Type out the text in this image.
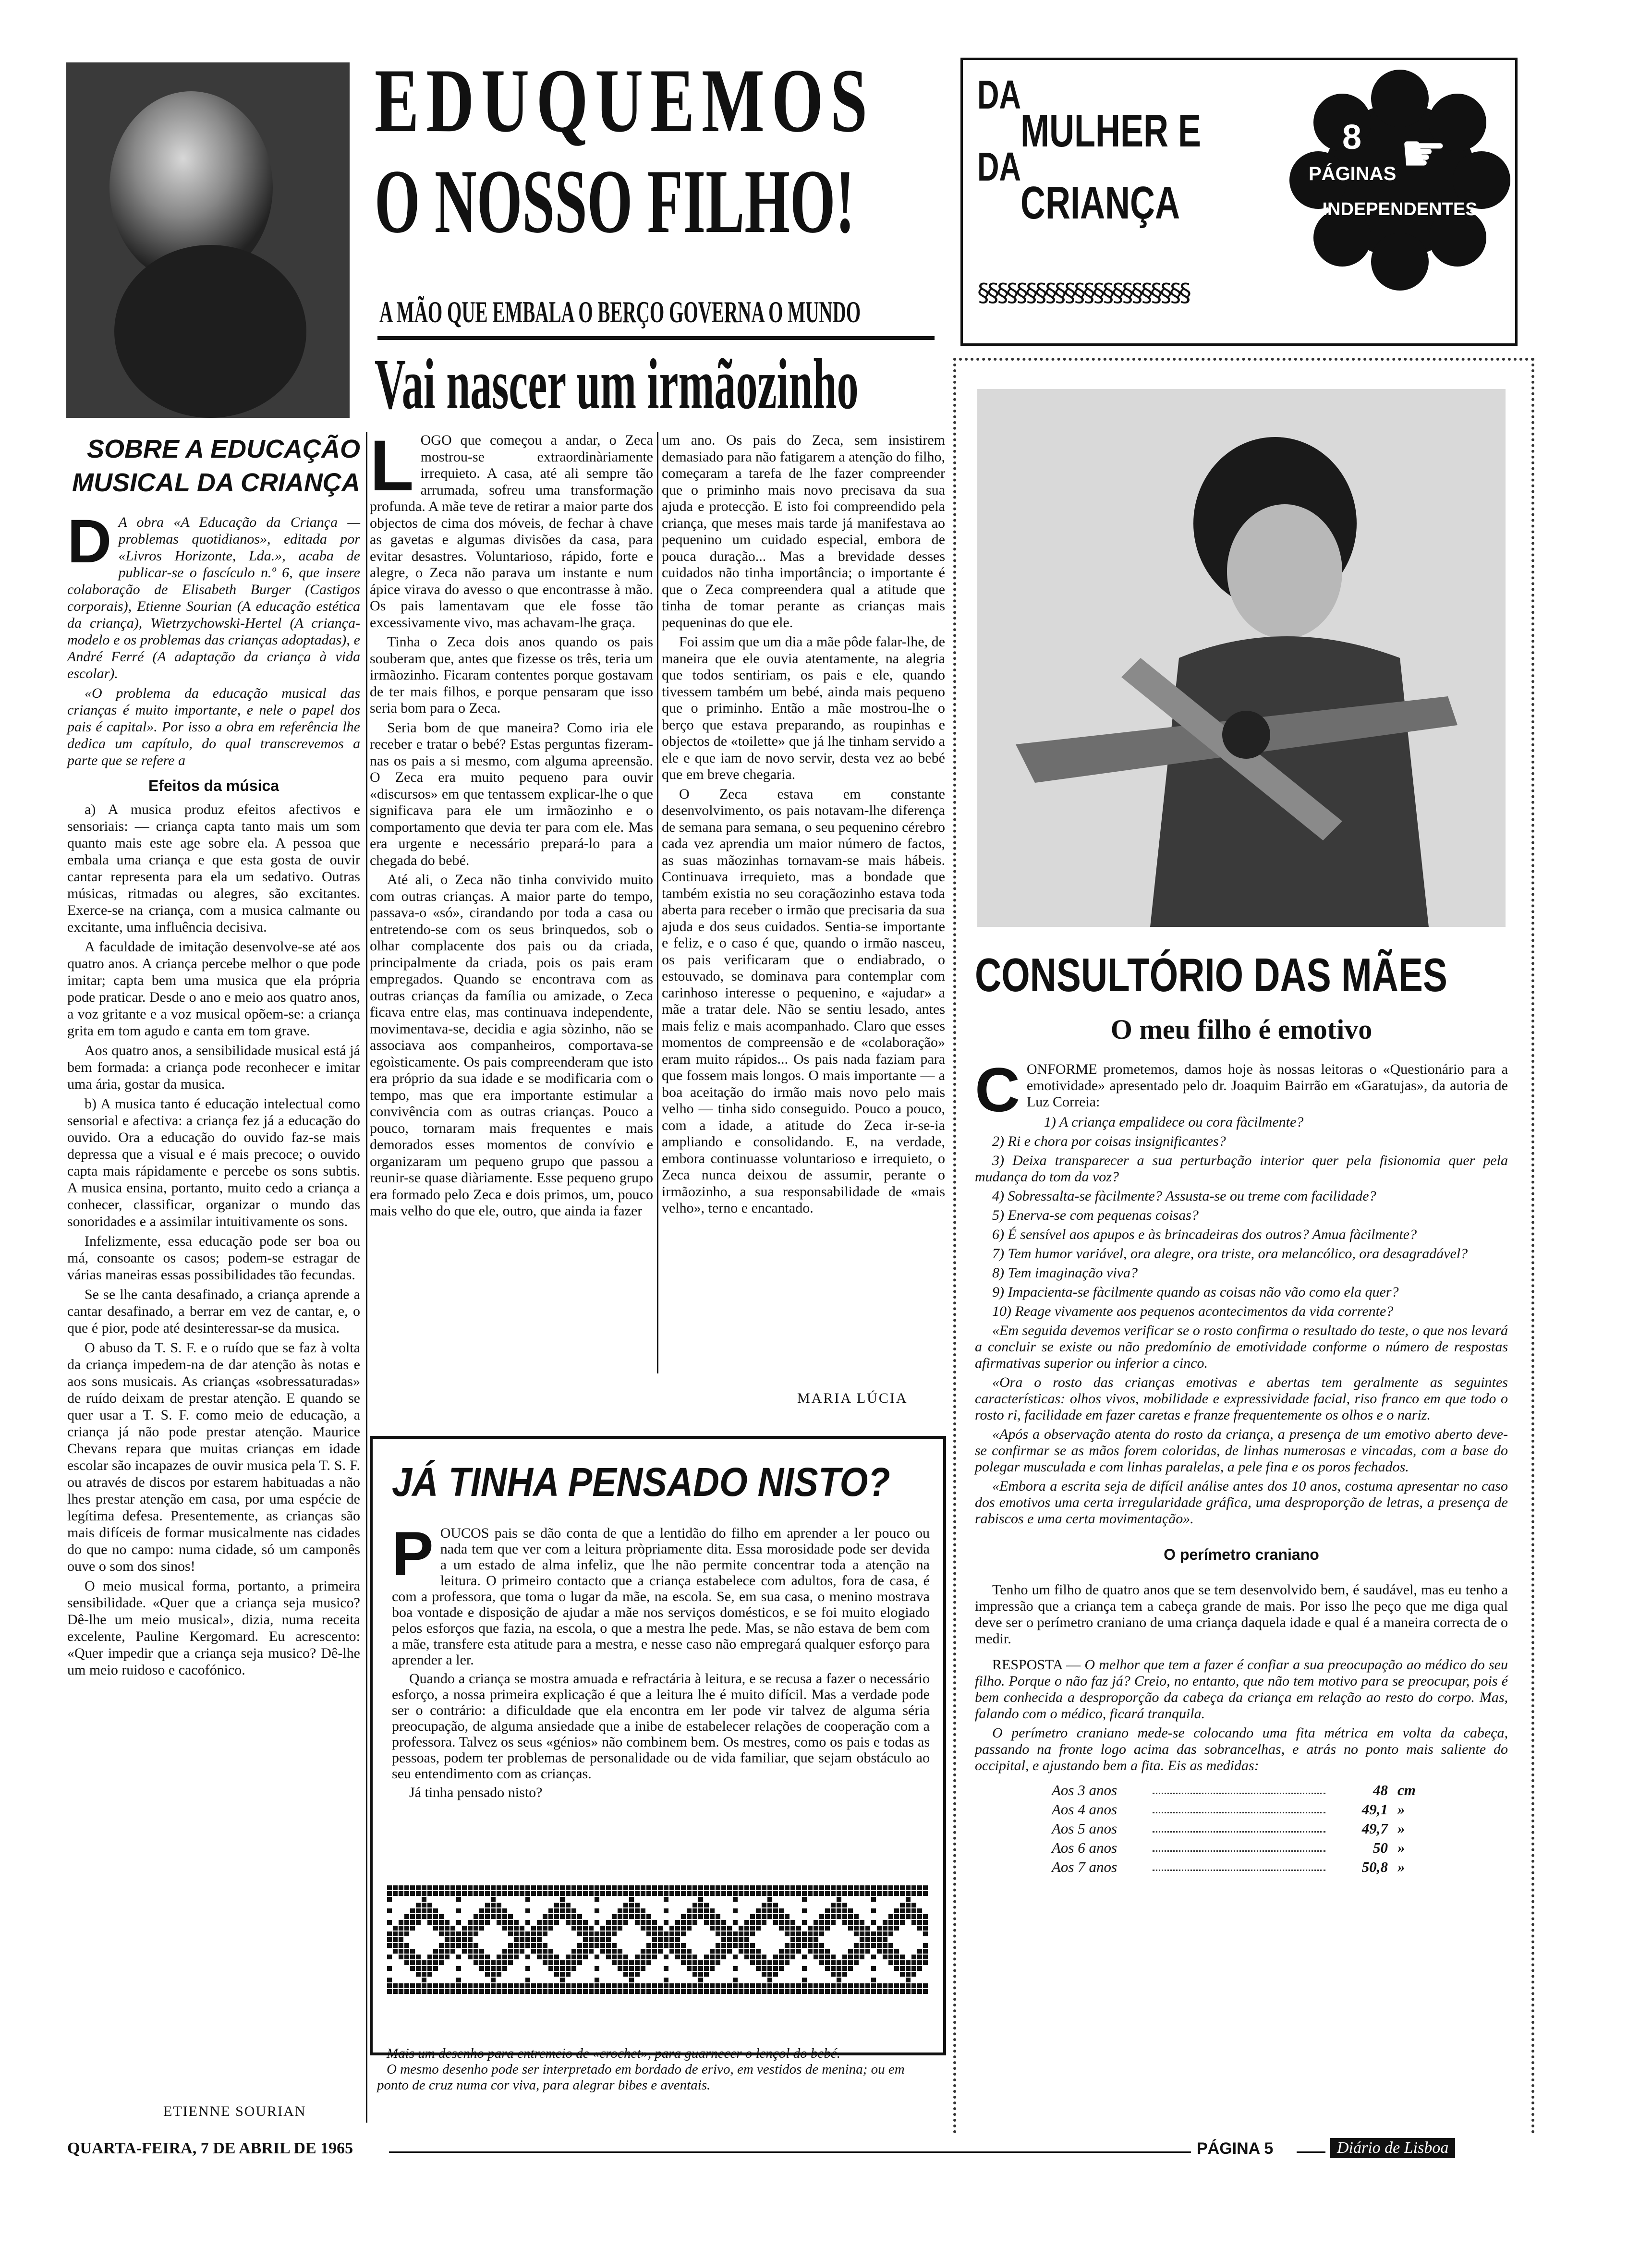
EDUQUEMOS
O NOSSO FILHO!
A MÃO QUE EMBALA O BERÇO GOVERNA O MUNDO
DA
MULHER E
DA
CRIANÇA
§§§§§§§§§§§§§§§§§§§§§§
8 ☛
PÁGINAS
INDEPENDENTES
SOBRE A EDUCAÇÃO
MUSICAL DA CRIANÇA
D A obra «A Educação da Criança — problemas quotidianos», editada por «Livros Horizonte, Lda.», acaba de publicar-se o fascículo n.º 6, que insere colaboração de Elisabeth Burger (Castigos corporais), Etienne Sourian (A educação estética da criança), Wietrzychowski-Hertel (A criança-modelo e os problemas das crianças adoptadas), e André Ferré (A adaptação da criança à vida escolar).

«O problema da educação musical das crianças é muito importante, e nele o papel dos pais é capital». Por isso a obra em referência lhe dedica um capítulo, do qual transcrevemos a parte que se refere a

Efeitos da música

a) A musica produz efeitos afectivos e sensoriais: — criança capta tanto mais um som quanto mais este age sobre ela. A pessoa que embala uma criança e que esta gosta de ouvir cantar representa para ela um sedativo. Outras músicas, ritmadas ou alegres, são excitantes. Exerce-se na criança, com a musica calmante ou excitante, uma influência decisiva.

A faculdade de imitação desenvolve-se até aos quatro anos. A criança percebe melhor o que pode imitar; capta bem uma musica que ela própria pode praticar. Desde o ano e meio aos quatro anos, a voz gritante e a voz musical opõem-se: a criança grita em tom agudo e canta em tom grave.

Aos quatro anos, a sensibilidade musical está já bem formada: a criança pode reconhecer e imitar uma ária, gostar da musica.

b) A musica tanto é educação intelectual como sensorial e afectiva: a criança fez já a educação do ouvido. Ora a educação do ouvido faz-se mais depressa que a visual e é mais precoce; o ouvido capta mais rápidamente e percebe os sons subtis. A musica ensina, portanto, muito cedo a criança a conhecer, classificar, organizar o mundo das sonoridades e a assimilar intuitivamente os sons.

Infelizmente, essa educação pode ser boa ou má, consoante os casos; podem-se estragar de várias maneiras essas possibilidades tão fecundas.

Se se lhe canta desafinado, a criança aprende a cantar desafinado, a berrar em vez de cantar, e, o que é pior, pode até desinteressar-se da musica.

O abuso da T. S. F. e o ruído que se faz à volta da criança impedem-na de dar atenção às notas e aos sons musicais. As crianças «sobressaturadas» de ruído deixam de prestar atenção. E quando se quer usar a T. S. F. como meio de educação, a criança já não pode prestar atenção. Maurice Chevans repara que muitas crianças em idade escolar são incapazes de ouvir musica pela T. S. F. ou através de discos por estarem habituadas a não lhes prestar atenção em casa, por uma espécie de legítima defesa. Presentemente, as crianças são mais difíceis de formar musicalmente nas cidades do que no campo: numa cidade, só um camponês ouve o som dos sinos!

O meio musical forma, portanto, a primeira sensibilidade. «Quer que a criança seja musico? Dê-lhe um meio musical», dizia, numa receita excelente, Pauline Kergomard. Eu acrescento: «Quer impedir que a criança seja musico? Dê-lhe um meio ruidoso e cacofónico.

ETIENNE SOURIAN
Vai nascer um irmãozinho
L OGO que começou a andar, o Zeca mostrou-se extraordinàriamente irrequieto. A casa, até ali sempre tão arrumada, sofreu uma transformação profunda. A mãe teve de retirar a maior parte dos objectos de cima dos móveis, de fechar à chave as gavetas e algumas divisões da casa, para evitar desastres. Voluntarioso, rápido, forte e alegre, o Zeca não parava um instante e num ápice virava do avesso o que encontrasse à mão. Os pais lamentavam que ele fosse tão excessivamente vivo, mas achavam-lhe graça.

Tinha o Zeca dois anos quando os pais souberam que, antes que fizesse os três, teria um irmãozinho. Ficaram contentes porque gostavam de ter mais filhos, e porque pensaram que isso seria bom para o Zeca.

Seria bom de que maneira? Como iria ele receber e tratar o bebé? Estas perguntas fizeram-nas os pais a si mesmo, com alguma apreensão. O Zeca era muito pequeno para ouvir «discursos» em que tentassem explicar-lhe o que significava para ele um irmãozinho e o comportamento que devia ter para com ele. Mas era urgente e necessário prepará-lo para a chegada do bebé.

Até ali, o Zeca não tinha convivido muito com outras crianças. A maior parte do tempo, passava-o «só», cirandando por toda a casa ou entretendo-se com os seus brinquedos, sob o olhar complacente dos pais ou da criada, principalmente da criada, pois os pais eram empregados. Quando se encontrava com as outras crianças da família ou amizade, o Zeca ficava entre elas, mas continuava independente, movimentava-se, decidia e agia sòzinho, não se associava aos companheiros, comportava-se egoìsticamente. Os pais compreenderam que isto era próprio da sua idade e se modificaria com o tempo, mas que era importante estimular a convivência com as outras crianças. Pouco a pouco, tornaram mais frequentes e mais demorados esses momentos de convívio e organizaram um pequeno grupo que passou a reunir-se quase diàriamente. Esse pequeno grupo era formado pelo Zeca e dois primos, um, pouco mais velho do que ele, outro, que ainda ia fazer

um ano. Os pais do Zeca, sem insistirem demasiado para não fatigarem a atenção do filho, começaram a tarefa de lhe fazer compreender que o priminho mais novo precisava da sua ajuda e protecção. E isto foi compreendido pela criança, que meses mais tarde já manifestava ao pequenino um cuidado especial, embora de pouca duração... Mas a brevidade desses cuidados não tinha importância; o importante é que o Zeca compreendera qual a atitude que tinha de tomar perante as crianças mais pequeninas do que ele.

Foi assim que um dia a mãe pôde falar-lhe, de maneira que ele ouvia atentamente, na alegria que todos sentiriam, os pais e ele, quando tivessem também um bebé, ainda mais pequeno que o priminho. Então a mãe mostrou-lhe o berço que estava preparando, as roupinhas e objectos de «toilette» que já lhe tinham servido a ele e que iam de novo servir, desta vez ao bebé que em breve chegaria.

O Zeca estava em constante desenvolvimento, os pais notavam-lhe diferença de semana para semana, o seu pequenino cérebro cada vez aprendia um maior número de factos, as suas mãozinhas tornavam-se mais hábeis. Continuava irrequieto, mas a bondade que também existia no seu coraçãozinho estava toda aberta para receber o irmão que precisaria da sua ajuda e dos seus cuidados. Sentia-se importante e feliz, e o caso é que, quando o irmão nasceu, os pais verificaram que o endiabrado, o estouvado, se dominava para contemplar com carinhoso interesse o pequenino, e «ajudar» a mãe a tratar dele. Não se sentiu lesado, antes mais feliz e mais acompanhado. Claro que esses momentos de compreensão e de «colaboração» eram muito rápidos... Os pais nada faziam para que fossem mais longos. O mais importante — a boa aceitação do irmão mais novo pelo mais velho — tinha sido conseguido. Pouco a pouco, com a idade, a atitude do Zeca ir-se-ia ampliando e consolidando. E, na verdade, embora continuasse voluntarioso e irrequieto, o Zeca nunca deixou de assumir, perante o irmãozinho, a sua responsabilidade de «mais velho», terno e encantado.

MARIA LÚCIA
JÁ TINHA PENSADO NISTO?
P OUCOS pais se dão conta de que a lentidão do filho em aprender a ler pouco ou nada tem que ver com a leitura pròpriamente dita. Essa morosidade pode ser devida a um estado de alma infeliz, que lhe não permite concentrar toda a atenção na leitura. O primeiro contacto que a criança estabelece com adultos, fora de casa, é com a professora, que toma o lugar da mãe, na escola. Se, em sua casa, o menino mostrava boa vontade e disposição de ajudar a mãe nos serviços domésticos, e se foi muito elogiado pelos esforços que fazia, na escola, o que a mestra lhe pede. Mas, se não estava de bem com a mãe, transfere esta atitude para a mestra, e nesse caso não empregará qualquer esforço para aprender a ler.

Quando a criança se mostra amuada e refractária à leitura, e se recusa a fazer o necessário esforço, a nossa primeira explicação é que a leitura lhe é muito difícil. Mas a verdade pode ser o contrário: a dificuldade que ela encontra em ler pode vir talvez de alguma séria preocupação, de alguma ansiedade que a inibe de estabelecer relações de cooperação com a professora. Talvez os seus «génios» não combinem bem. Os mestres, como os pais e todas as pessoas, podem ter problemas de personalidade ou de vida familiar, que sejam obstáculo ao seu entendimento com as crianças.

Já tinha pensado nisto?

Mais um desenho para entremeio de «crochet», para guarnecer o lençol do bebé.
O mesmo desenho pode ser interpretado em bordado de erivo, em vestidos de menina; ou em ponto de cruz numa cor viva, para alegrar bibes e aventais.
CONSULTÓRIO DAS MÃES
O meu filho é emotivo
C ONFORME prometemos, damos hoje às nossas leitoras o «Questionário para a emotividade» apresentado pelo dr. Joaquim Bairrão em «Garatujas», da autoria de Luz Correia:

1) A criança empalidece ou cora fàcilmente?

2) Ri e chora por coisas insignificantes?

3) Deixa transparecer a sua perturbação interior quer pela fisionomia quer pela mudança do tom da voz?

4) Sobressalta-se fàcilmente? Assusta-se ou treme com facilidade?

5) Enerva-se com pequenas coisas?

6) É sensível aos apupos e às brincadeiras dos outros? Amua fàcilmente?

7) Tem humor variável, ora alegre, ora triste, ora melancólico, ora desagradável?

8) Tem imaginação viva?

9) Impacienta-se fàcilmente quando as coisas não vão como ela quer?

10) Reage vivamente aos pequenos acontecimentos da vida corrente?

«Em seguida devemos verificar se o rosto confirma o resultado do teste, o que nos levará a concluir se existe ou não predomínio de emotividade conforme o número de respostas afirmativas superior ou inferior a cinco.

«Ora o rosto das crianças emotivas e abertas tem geralmente as seguintes características: olhos vivos, mobilidade e expressividade facial, riso franco em que todo o rosto ri, facilidade em fazer caretas e franze frequentemente os olhos e o nariz.

«Após a observação atenta do rosto da criança, a presença de um emotivo aberto deve-se confirmar se as mãos forem coloridas, de linhas numerosas e vincadas, com a base do polegar musculada e com linhas paralelas, a pele fina e os poros fechados.

«Embora a escrita seja de difícil análise antes dos 10 anos, costuma apresentar no caso dos emotivos uma certa irregularidade gráfica, uma desproporção de letras, a presença de rabiscos e uma certa movimentação».

O perímetro craniano

Tenho um filho de quatro anos que se tem desenvolvido bem, é saudável, mas eu tenho a impressão que a criança tem a cabeça grande de mais. Por isso lhe peço que me diga qual deve ser o perímetro craniano de uma criança daquela idade e qual é a maneira correcta de o medir.

RESPOSTA — O melhor que tem a fazer é confiar a sua preocupação ao médico do seu filho. Porque o não faz já? Creio, no entanto, que não tem motivo para se preocupar, pois é bem conhecida a desproporção da cabeça da criança em relação ao resto do corpo. Mas, falando com o médico, ficará tranquila.

O perímetro craniano mede-se colocando uma fita métrica em volta da cabeça, passando na fronte logo acima das sobrancelhas, e atrás no ponto mais saliente do occipital, e ajustando bem a fita. Eis as medidas:

Aos 3 anos	48 cm
Aos 4 anos	49,1 »
Aos 5 anos	49,7 »
Aos 6 anos	50 »
Aos 7 anos	50,8 »
QUARTA-FEIRA, 7 DE ABRIL DE 1965	PÁGINA 5	Diário de Lisboa
